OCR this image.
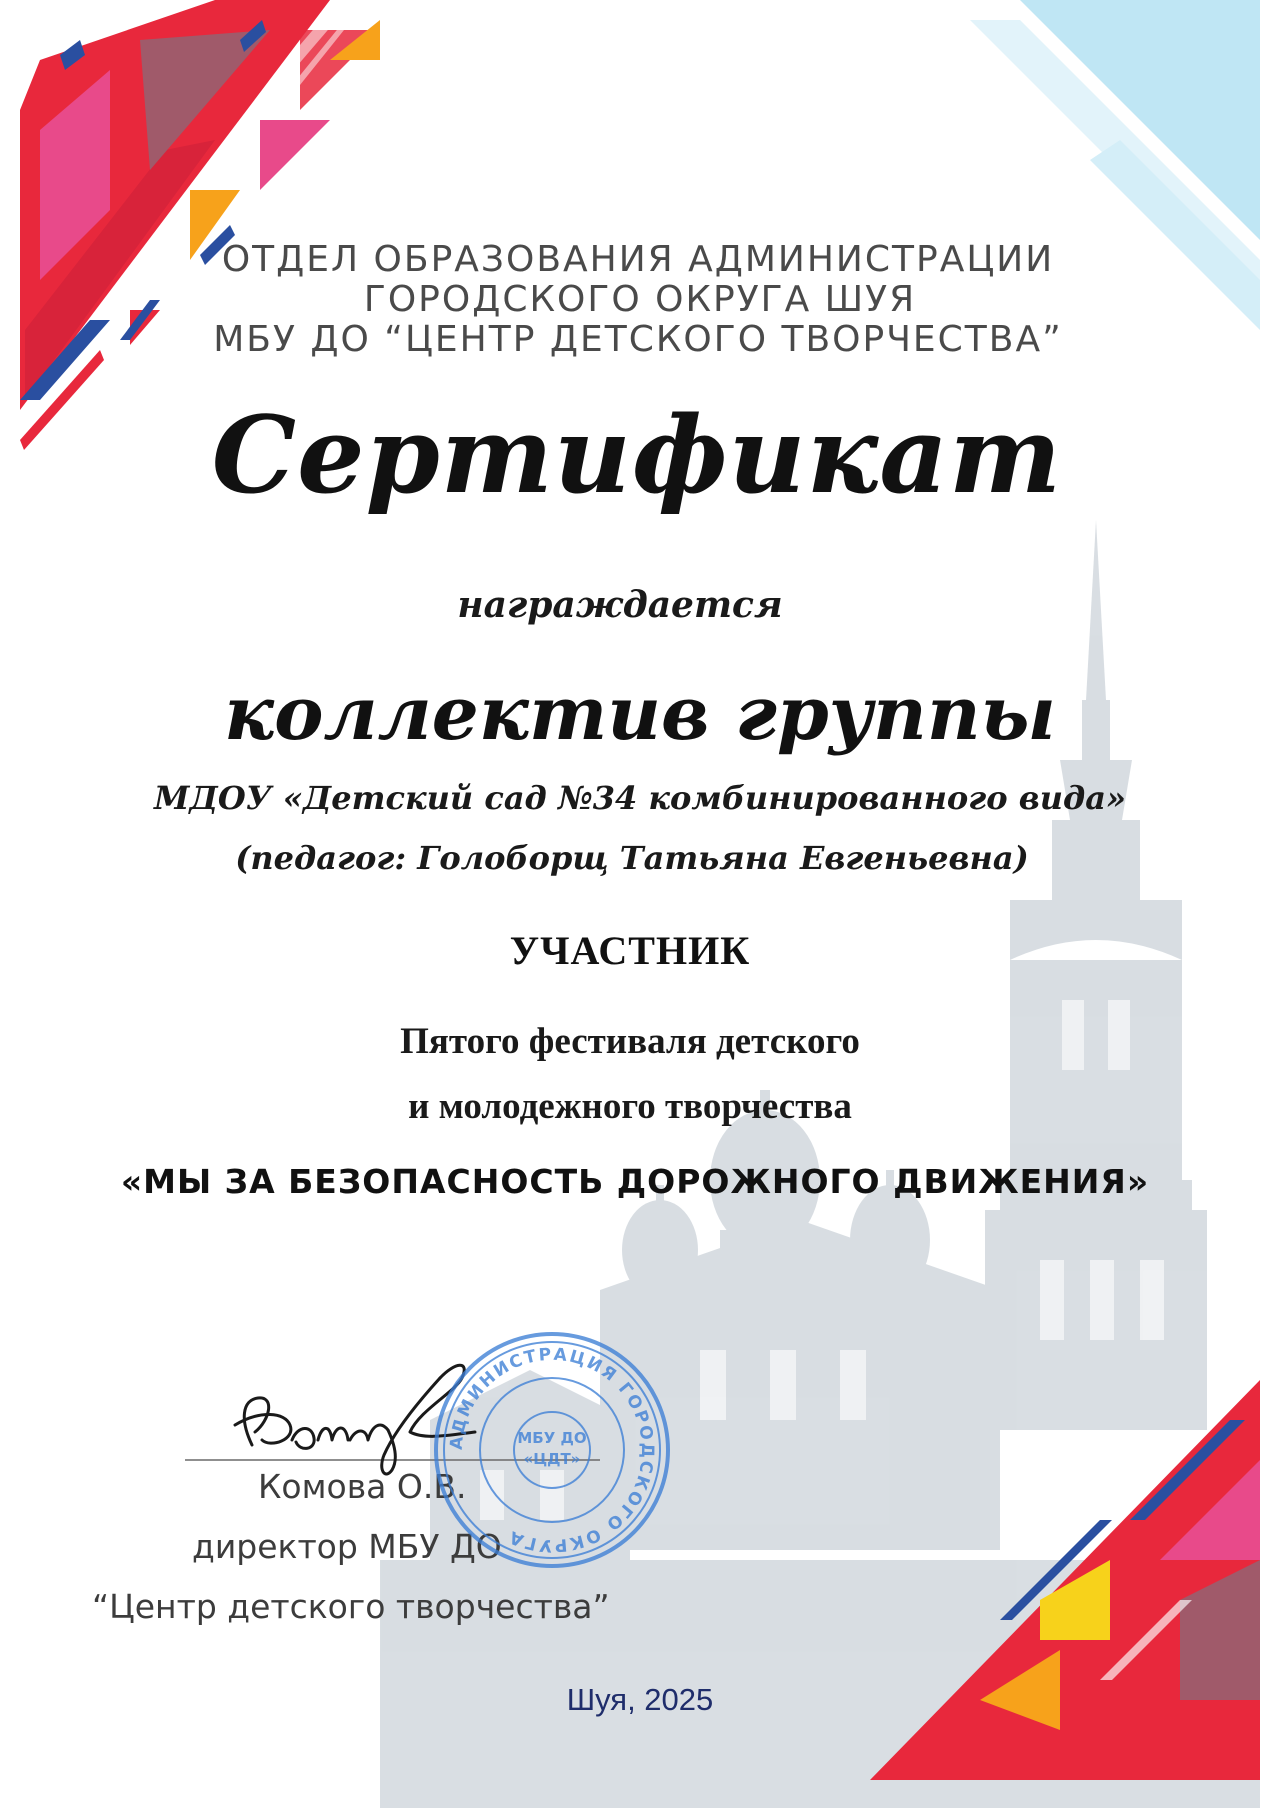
ОТДЕЛ ОБРАЗОВАНИЯ АДМИНИСТРАЦИИ
ГОРОДСКОГО ОКРУГА ШУЯ
МБУ ДО “ЦЕНТР ДЕТСКОГО ТВОРЧЕСТВА”
Сертификат
награждается
коллектив группы
МДОУ «Детский сад №34 комбинированного вида»
(педагог: Голоборщ Татьяна Евгеньевна)
УЧАСТНИК
Пятого фестиваля детского
и молодежного творчества
«МЫ ЗА БЕЗОПАСНОСТЬ ДОРОЖНОГО ДВИЖЕНИЯ»
Комова О.В.
директор МБУ ДО
“Центр детского творчества”
АДМИНИСТРАЦИЯ ГОРОДСКОГО ОКРУГА
МБУ ДО
«ЦДТ»
Шуя, 2025
